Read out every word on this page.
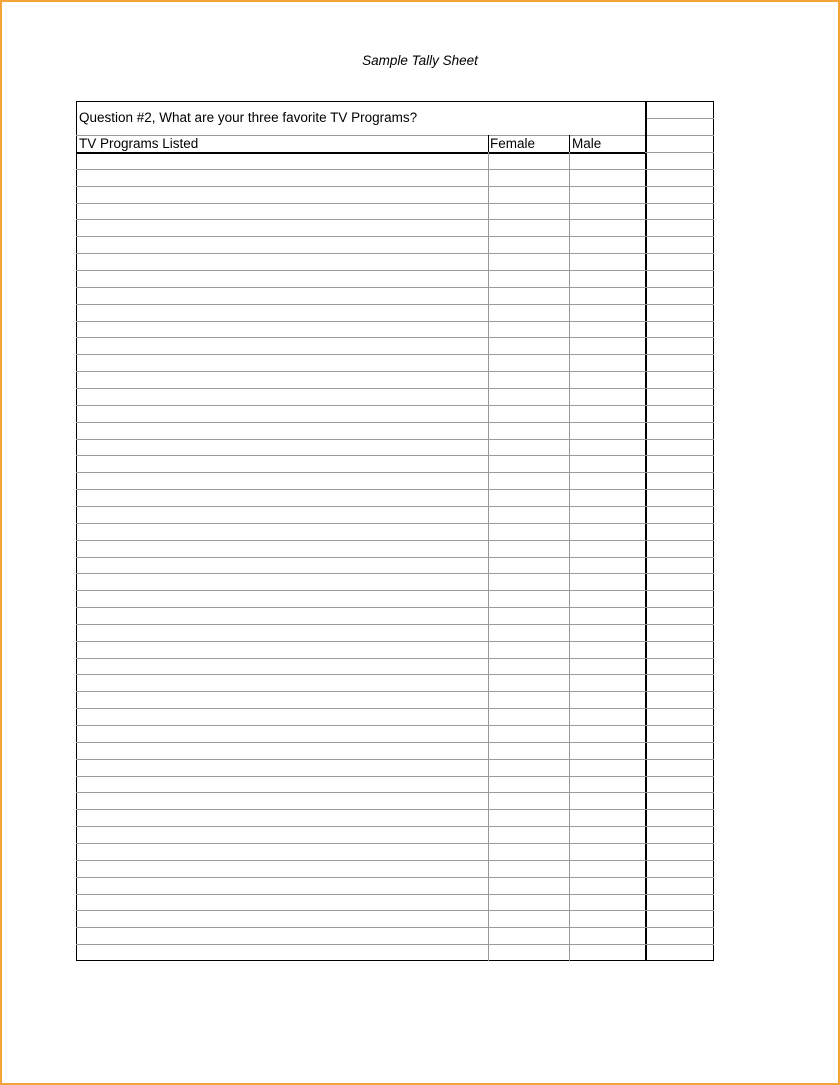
Sample Tally Sheet
Question #2, What are your three favorite TV Programs?
TV Programs Listed	Female	Male
